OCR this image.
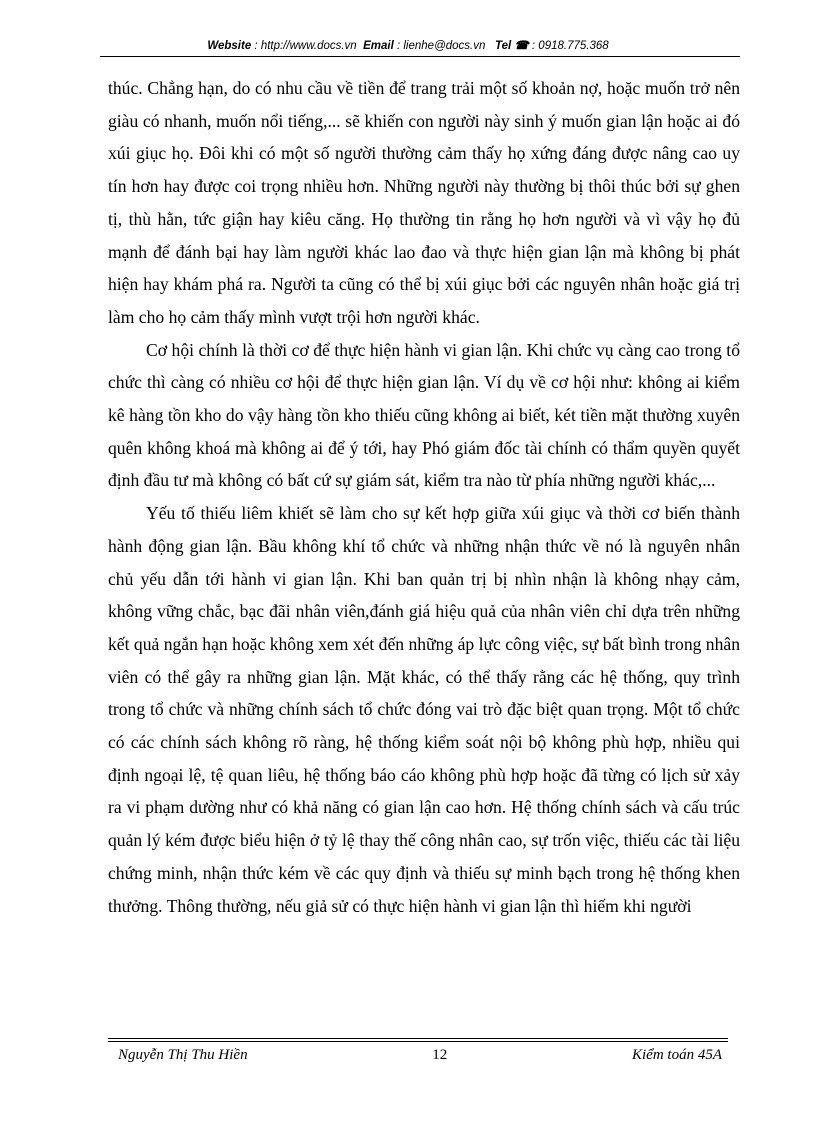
Website : http://www.docs.vn Email : lienhe@docs.vn Tel ☎ : 0918.775.368

thúc. Chẳng hạn, do có nhu cầu về tiền để trang trải một số khoản nợ, hoặc muốn trở nên giàu có nhanh, muốn nổi tiếng,... sẽ khiến con người này sinh ý muốn gian lận hoặc ai đó xúi giục họ. Đôi khi có một số người thường cảm thấy họ xứng đáng được nâng cao uy tín hơn hay được coi trọng nhiều hơn. Những người này thường bị thôi thúc bởi sự ghen tị, thù hằn, tức giận hay kiêu căng. Họ thường tin rằng họ hơn người và vì vậy họ đủ mạnh để đánh bại hay làm người khác lao đao và thực hiện gian lận mà không bị phát hiện hay khám phá ra. Người ta cũng có thể bị xúi giục bởi các nguyên nhân hoặc giá trị làm cho họ cảm thấy mình vượt trội hơn người khác.

Cơ hội chính là thời cơ để thực hiện hành vi gian lận. Khi chức vụ càng cao trong tổ chức thì càng có nhiều cơ hội để thực hiện gian lận. Ví dụ về cơ hội như: không ai kiểm kê hàng tồn kho do vậy hàng tồn kho thiếu cũng không ai biết, két tiền mặt thường xuyên quên không khoá mà không ai để ý tới, hay Phó giám đốc tài chính có thẩm quyền quyết định đầu tư mà không có bất cứ sự giám sát, kiểm tra nào từ phía những người khác,...

Yếu tố thiếu liêm khiết sẽ làm cho sự kết hợp giữa xúi giục và thời cơ biến thành hành động gian lận. Bầu không khí tổ chức và những nhận thức về nó là nguyên nhân chủ yếu dẫn tới hành vi gian lận. Khi ban quản trị bị nhìn nhận là không nhạy cảm, không vững chắc, bạc đãi nhân viên,đánh giá hiệu quả của nhân viên chỉ dựa trên những kết quả ngắn hạn hoặc không xem xét đến những áp lực công việc, sự bất bình trong nhân viên có thể gây ra những gian lận. Mặt khác, có thể thấy rằng các hệ thống, quy trình trong tổ chức và những chính sách tổ chức đóng vai trò đặc biệt quan trọng. Một tổ chức có các chính sách không rõ ràng, hệ thống kiểm soát nội bộ không phù hợp, nhiều qui định ngoại lệ, tệ quan liêu, hệ thống báo cáo không phù hợp hoặc đã từng có lịch sử xảy ra vi phạm dường như có khả năng có gian lận cao hơn. Hệ thống chính sách và cấu trúc quản lý kém được biểu hiện ở tỷ lệ thay thế công nhân cao, sự trốn việc, thiếu các tài liệu chứng minh, nhận thức kém về các quy định và thiếu sự minh bạch trong hệ thống khen thưởng. Thông thường, nếu giả sử có thực hiện hành vi gian lận thì hiếm khi người

Nguyễn Thị Thu Hiền	12	Kiểm toán 45A
